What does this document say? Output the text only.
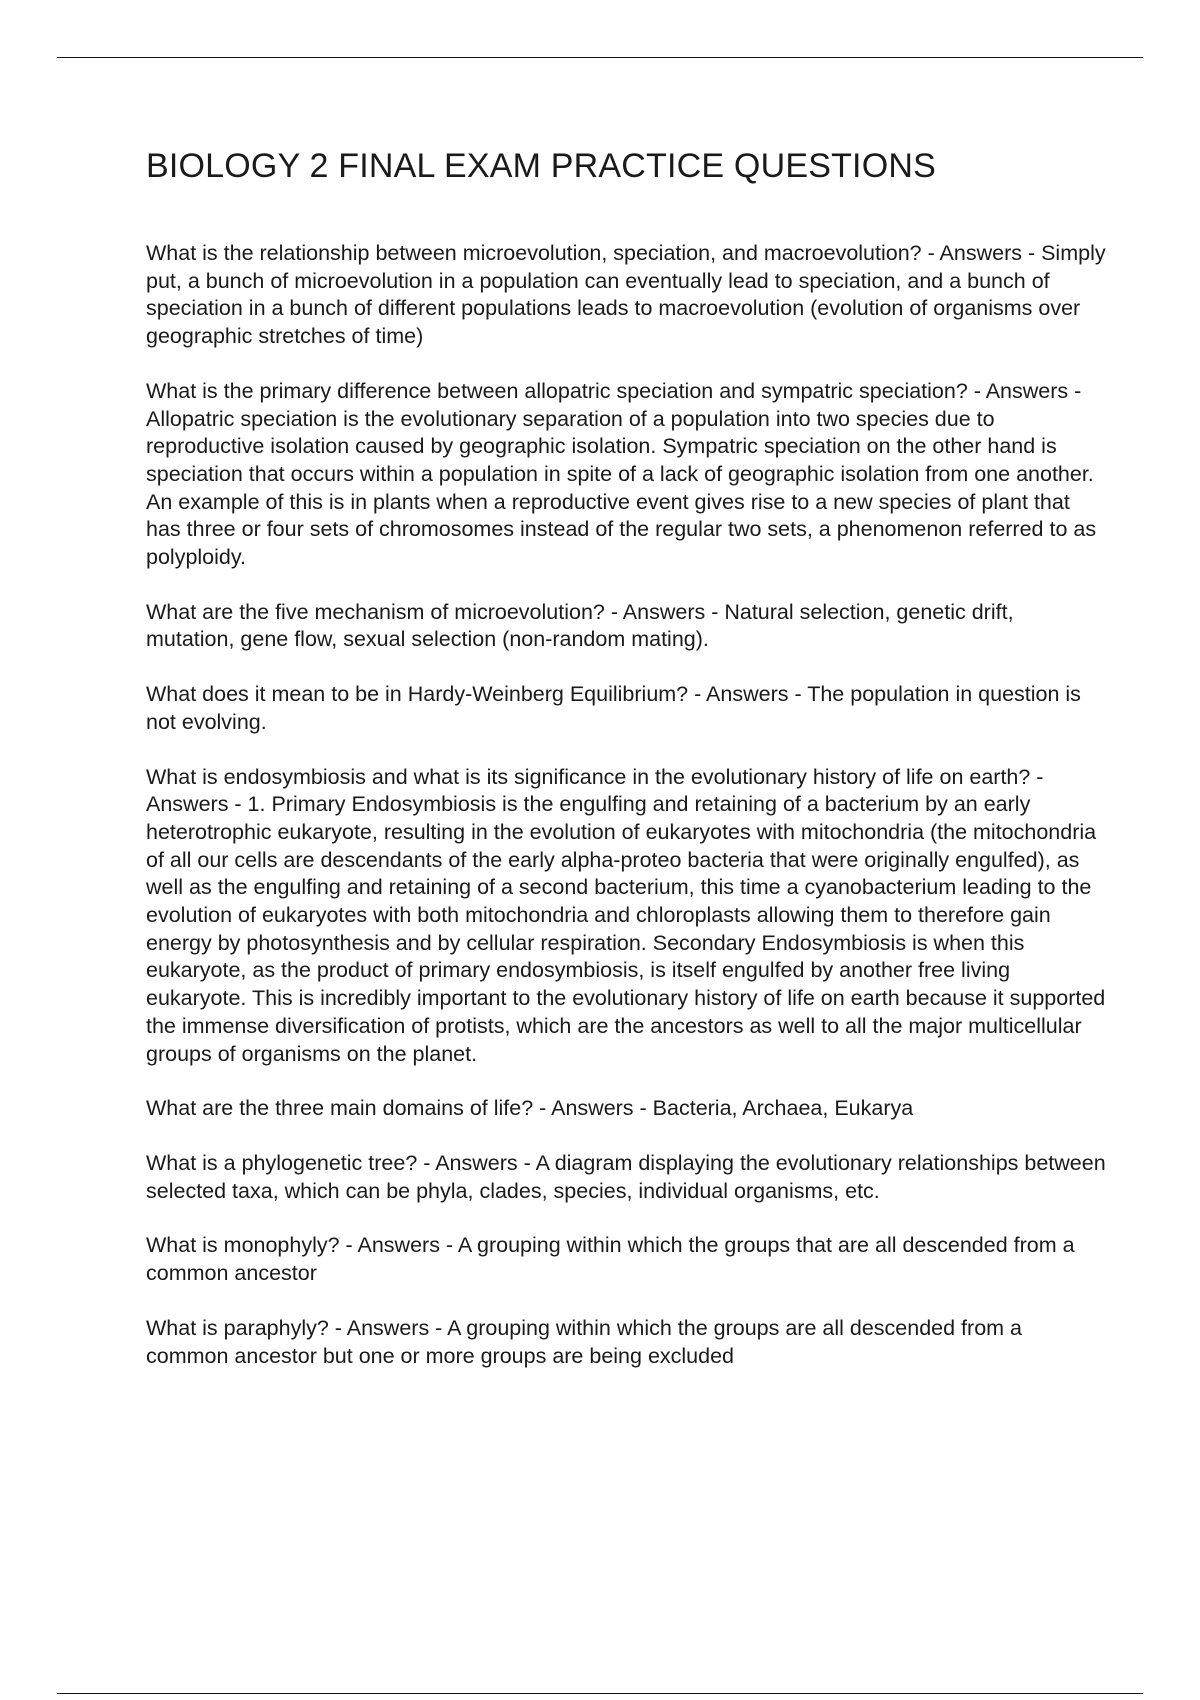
BIOLOGY 2 FINAL EXAM PRACTICE QUESTIONS

What is the relationship between microevolution, speciation, and macroevolution? - Answers - Simply put, a bunch of microevolution in a population can eventually lead to speciation, and a bunch of speciation in a bunch of different populations leads to macroevolution (evolution of organisms over geographic stretches of time)

What is the primary difference between allopatric speciation and sympatric speciation? - Answers - Allopatric speciation is the evolutionary separation of a population into two species due to reproductive isolation caused by geographic isolation. Sympatric speciation on the other hand is speciation that occurs within a population in spite of a lack of geographic isolation from one another. An example of this is in plants when a reproductive event gives rise to a new species of plant that has three or four sets of chromosomes instead of the regular two sets, a phenomenon referred to as polyploidy.

What are the five mechanism of microevolution? - Answers - Natural selection, genetic drift, mutation, gene flow, sexual selection (non-random mating).

What does it mean to be in Hardy-Weinberg Equilibrium? - Answers - The population in question is not evolving.

What is endosymbiosis and what is its significance in the evolutionary history of life on earth? - Answers - 1. Primary Endosymbiosis is the engulfing and retaining of a bacterium by an early heterotrophic eukaryote, resulting in the evolution of eukaryotes with mitochondria (the mitochondria of all our cells are descendants of the early alpha-proteo bacteria that were originally engulfed), as well as the engulfing and retaining of a second bacterium, this time a cyanobacterium leading to the evolution of eukaryotes with both mitochondria and chloroplasts allowing them to therefore gain energy by photosynthesis and by cellular respiration. Secondary Endosymbiosis is when this eukaryote, as the product of primary endosymbiosis, is itself engulfed by another free living eukaryote. This is incredibly important to the evolutionary history of life on earth because it supported the immense diversification of protists, which are the ancestors as well to all the major multicellular groups of organisms on the planet.

What are the three main domains of life? - Answers - Bacteria, Archaea, Eukarya

What is a phylogenetic tree? - Answers - A diagram displaying the evolutionary relationships between selected taxa, which can be phyla, clades, species, individual organisms, etc.

What is monophyly? - Answers - A grouping within which the groups that are all descended from a common ancestor

What is paraphyly? - Answers - A grouping within which the groups are all descended from a common ancestor but one or more groups are being excluded
